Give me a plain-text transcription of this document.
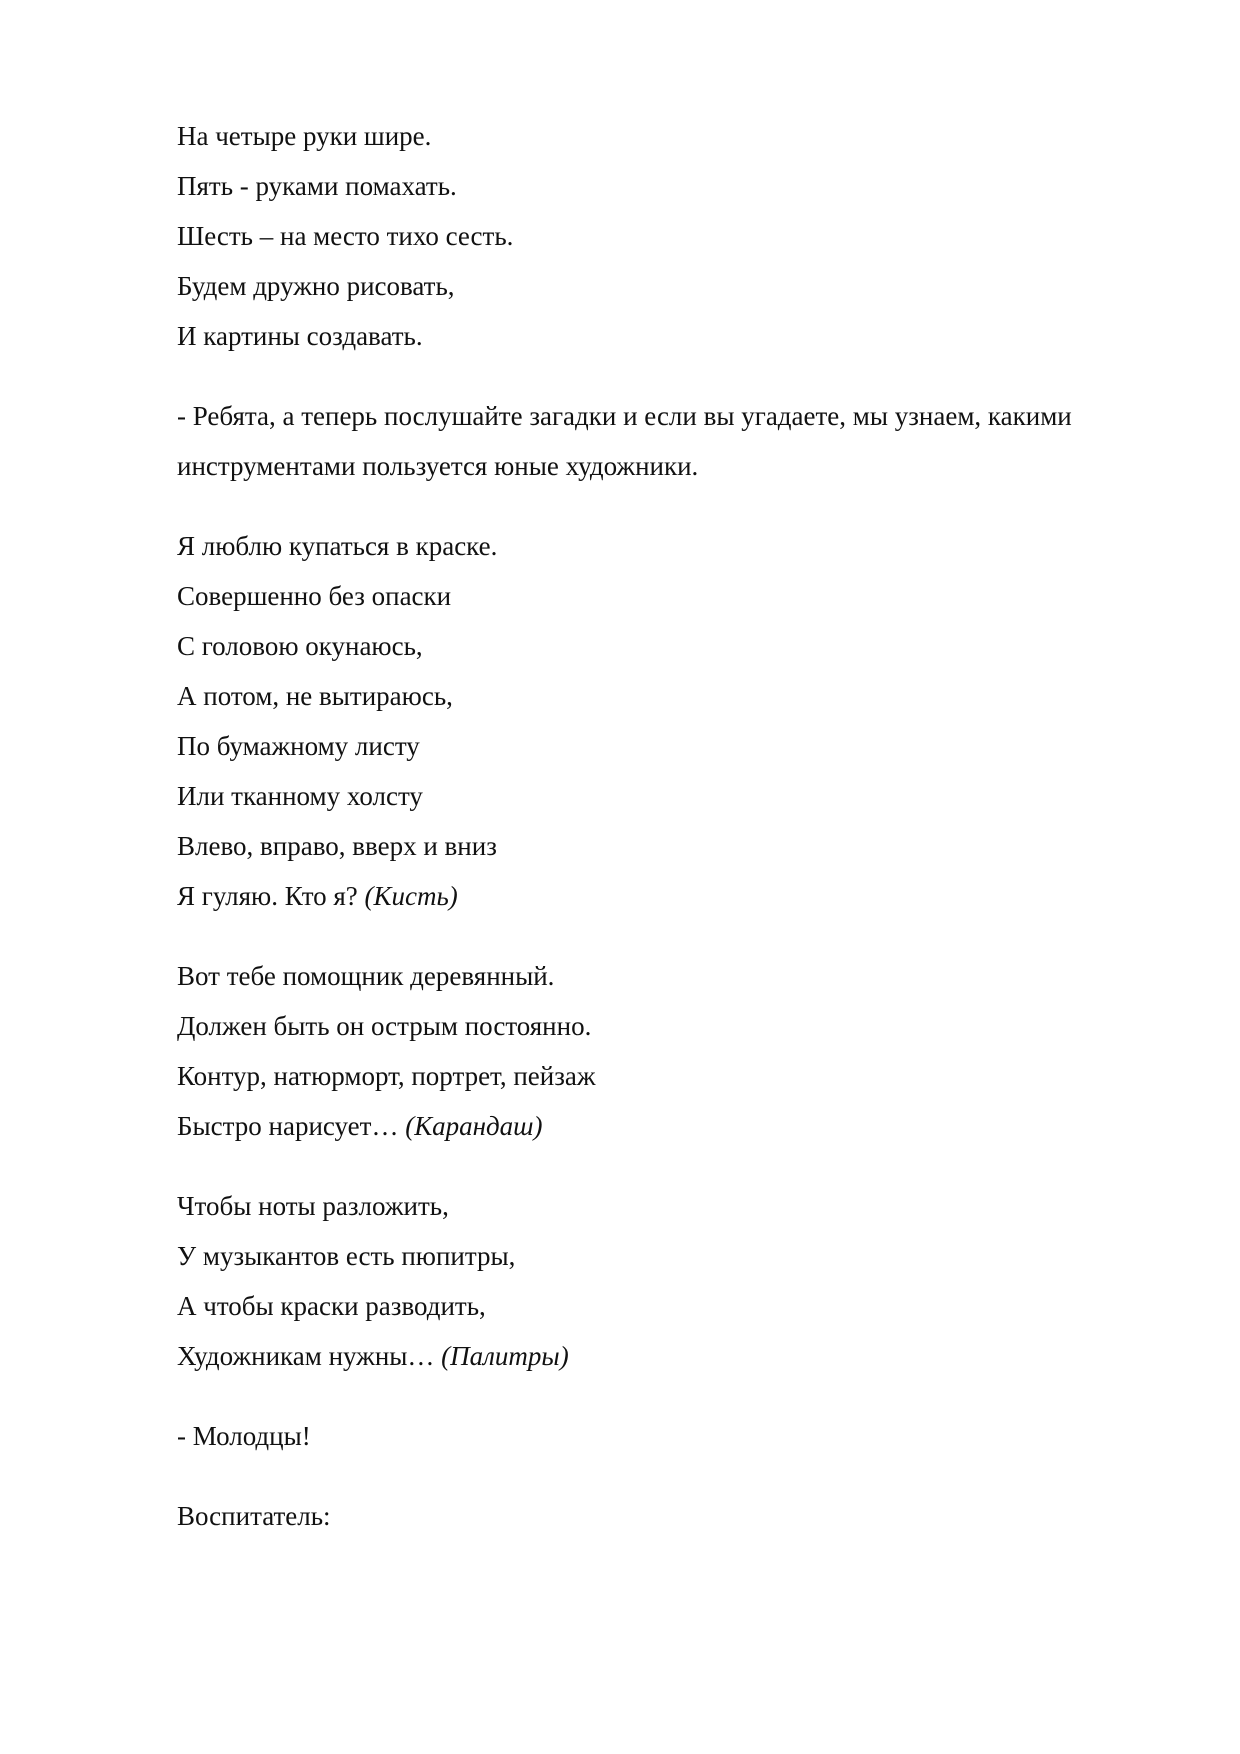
На четыре руки шире.

Пять - руками помахать.

Шесть – на место тихо сесть.

Будем дружно рисовать,

И картины создавать.

- Ребята, а теперь послушайте загадки и если вы угадаете, мы узнаем, какими

инструментами пользуется юные художники.

Я люблю купаться в краске.

Совершенно без опаски

С головою окунаюсь,

А потом, не вытираюсь,

По бумажному листу

Или тканному холсту

Влево, вправо, вверх и вниз

Я гуляю. Кто я? (Кисть)

Вот тебе помощник деревянный.

Должен быть он острым постоянно.

Контур, натюрморт, портрет, пейзаж

Быстро нарисует… (Карандаш)

Чтобы ноты разложить,

У музыкантов есть пюпитры,

А чтобы краски разводить,

Художникам нужны… (Палитры)

- Молодцы!

Воспитатель:
